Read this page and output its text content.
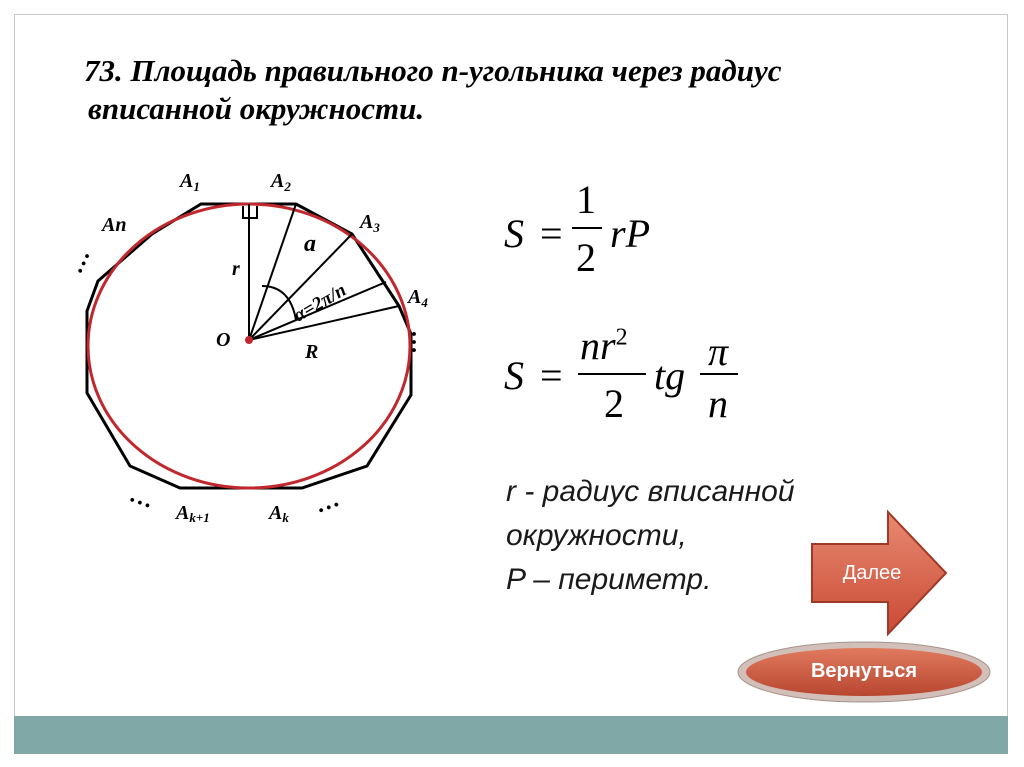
73. Площадь правильного n-угольника через радиус

вписанной окружности.
$A_1$	$A_2$
$A_3$
$A_4$
An
Ak+1	Ak
O
r
R
a
α=2π/n
…
…
…	…
S =
1
2
rP
S =
$nr^2$
2
tg
π
n
r - радиус вписанной
окружности,
P – периметр.	Далее
Вернуться
